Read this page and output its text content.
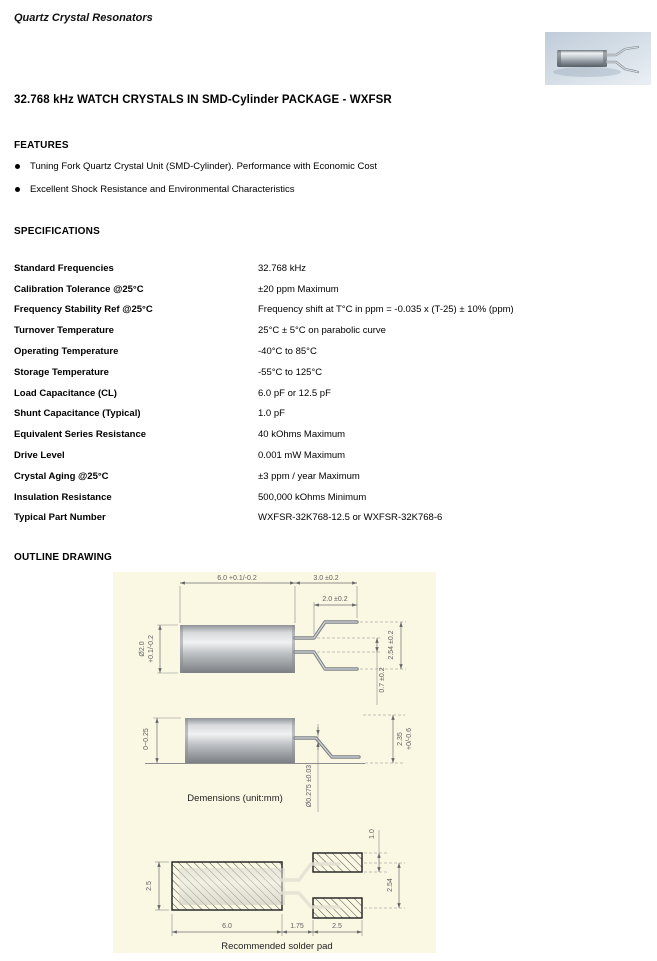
Quartz Crystal Resonators
32.768 kHz WATCH CRYSTALS IN SMD-Cylinder PACKAGE - WXFSR
FEATURES
Tuning Fork Quartz Crystal Unit (SMD-Cylinder). Performance with Economic Cost
Excellent Shock Resistance and Environmental Characteristics
SPECIFICATIONS
Standard Frequencies	32.768 kHz
Calibration Tolerance @25°C	±20 ppm Maximum
Frequency Stability Ref @25°C	Frequency shift at T°C in ppm = -0.035 x (T-25) ± 10% (ppm)
Turnover Temperature	25°C ± 5°C on parabolic curve
Operating Temperature	-40°C to 85°C
Storage Temperature	-55°C to 125°C
Load Capacitance (CL)	6.0 pF or 12.5 pF
Shunt Capacitance (Typical)	1.0 pF
Equivalent Series Resistance	40 kOhms Maximum
Drive Level	0.001 mW Maximum
Crystal Aging @25°C	±3 ppm / year Maximum
Insulation Resistance	500,000 kOhms Minimum
Typical Part Number	WXFSR-32K768-12.5 or WXFSR-32K768-6
OUTLINE DRAWING
6.0 +0.1/-0.2	3.0 ±0.2
2.0 ±0.2
Ø2.0 +0.1/-0.2	2.54 ±0.2
0.7 ±0.2
0~0.25
Ø0.275 ±0.03
2.35 +0/-0.6
Demensions (unit:mm)
2.5
6.0	1.75	2.5
1.0
2.54
Recommended solder pad
